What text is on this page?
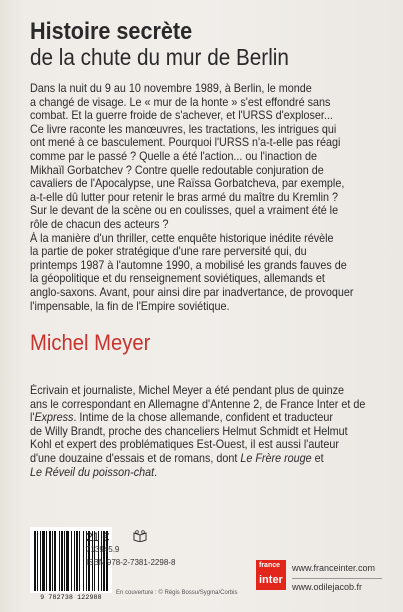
Histoire secrète
de la chute du mur de Berlin
Dans la nuit du 9 au 10 novembre 1989, à Berlin, le monde
a changé de visage. Le « mur de la honte » s'est effondré sans
combat. Et la guerre froide de s'achever, et l'URSS d'exploser...
Ce livre raconte les manœuvres, les tractations, les intrigues qui
ont mené à ce basculement. Pourquoi l'URSS n'a-t-elle pas réagi
comme par le passé ? Quelle a été l'action... ou l'inaction de
Mikhaïl Gorbatchev ? Contre quelle redoutable conjuration de
cavaliers de l'Apocalypse, une Raïssa Gorbatcheva, par exemple,
a-t-elle dû lutter pour retenir le bras armé du maître du Kremlin ?
Sur le devant de la scène ou en coulisses, quel a vraiment été le
rôle de chacun des acteurs ?
À la manière d'un thriller, cette enquête historique inédite révèle
la partie de poker stratégique d'une rare perversité qui, du
printemps 1987 à l'automne 1990, a mobilisé les grands fauves de
la géopolitique et du renseignement soviétiques, allemands et
anglo-saxons. Avant, pour ainsi dire par inadvertance, de provoquer
l'impensable, la fin de l'Empire soviétique.
Michel Meyer
Écrivain et journaliste, Michel Meyer a été pendant plus de quinze
ans le correspondant en Allemagne d'Antenne 2, de France Inter et de
l'Express. Intime de la chose allemande, confident et traducteur
de Willy Brandt, proche des chanceliers Helmut Schmidt et Helmut
Kohl et expert des problématiques Est-Ouest, il est aussi l'auteur
d'une douzaine d'essais et de romans, dont Le Frère rouge et
Le Réveil du poisson-chat.
9 782738 122988
21 €
713945.9
ISBN 978-2-7381-2298-8
En couverture : © Régis Bossu/Sygma/Corbis
france
inter
www.franceinter.com
www.odilejacob.fr
